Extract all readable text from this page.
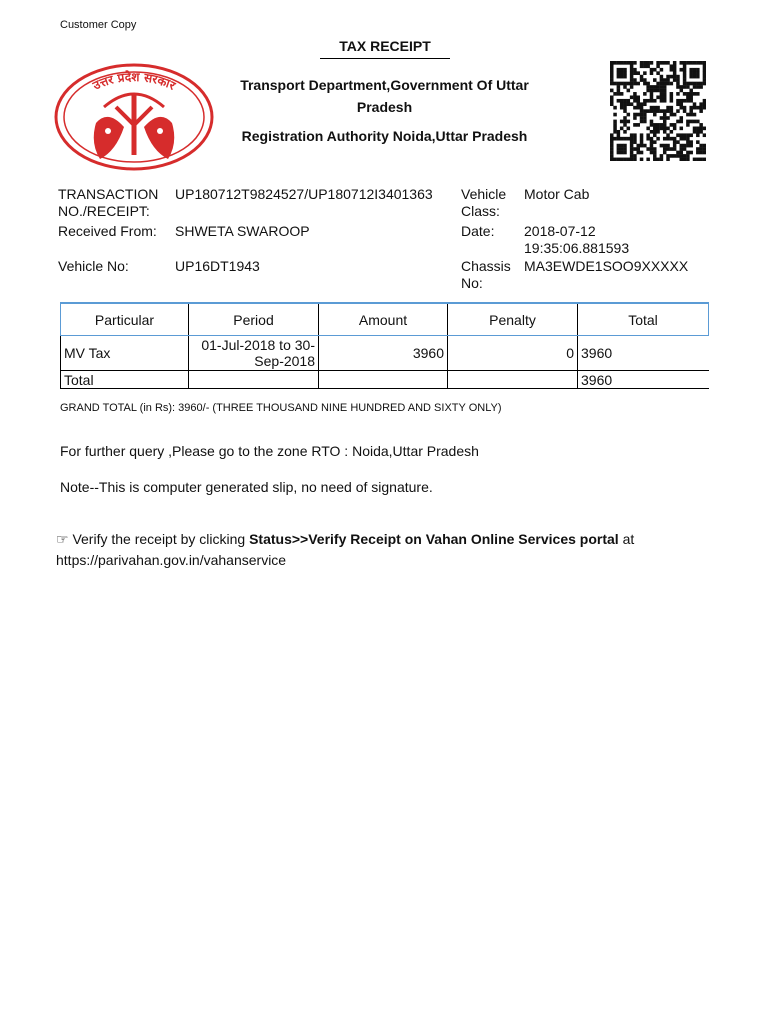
Customer Copy
TAX RECEIPT
उत्तर प्रदेश सरकार	Transport Department,Government Of Uttar Pradesh
Registration Authority Noida,Uttar Pradesh
TRANSACTION NO./RECEIPT:
UP180712T9824527/UP180712I3401363
Received From: SHWETA SWAROOP
Vehicle No:	UP16DT1943
Vehicle Class:
Motor Cab
Date: 2018-07-12 19:35:06.881593
Chassis No:
MA3EWDE1SOO9XXXXX
Particular	Period	Amount	Penalty	Total
MV Tax	01-Jul-2018 to 30-Sep-2018	3960	0	3960
Total				3960
GRAND TOTAL (in Rs): 3960/- (THREE THOUSAND NINE HUNDRED AND SIXTY ONLY)
For further query ,Please go to the zone RTO : Noida,Uttar Pradesh
Note--This is computer generated slip, no need of signature.
☞ Verify the receipt by clicking Status>>Verify Receipt on Vahan Online Services portal at
https://parivahan.gov.in/vahanservice
